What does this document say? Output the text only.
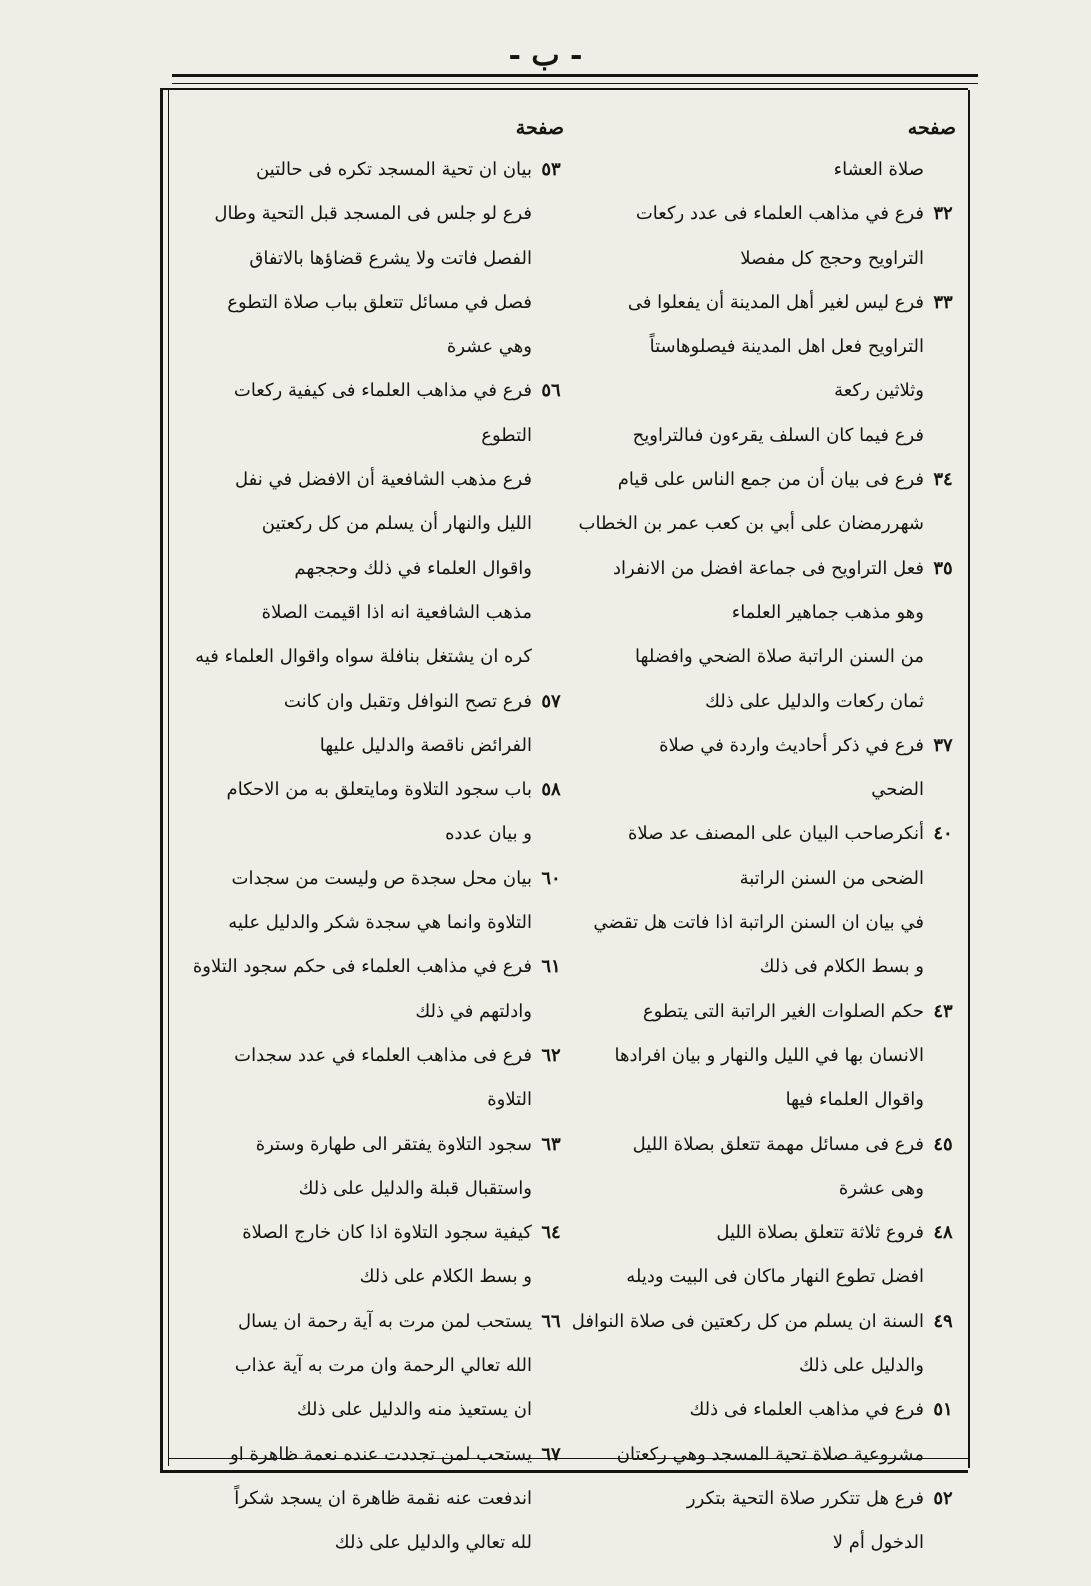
- ب -
صفحه
صلاة العشاء
٣٢
فرع في مذاهب العلماء فى عدد ركعات
التراويح وحجج كل مفصلا
٣٣
فرع ليس لغير أهل المدينة أن يفعلوا فى
التراويح فعل اهل المدينة فيصلوهاستاً
وثلاثين ركعة
فرع فيما كان السلف يقرءون فىالتراويح
٣٤
فرع فى بيان أن من جمع الناس على قيام
شهررمضان على أبي بن كعب عمر بن الخطاب
٣٥
فعل التراويح فى جماعة افضل من الانفراد
وهو مذهب جماهير العلماء
من السنن الراتبة صلاة الضحي وافضلها
ثمان ركعات والدليل على ذلك
٣٧
فرع في ذكر أحاديث واردة في صلاة
الضحي
٤٠
أنكرصاحب البيان على المصنف عد صلاة
الضحى من السنن الراتبة
في بيان ان السنن الراتبة اذا فاتت هل تقضي
و بسط الكلام فى ذلك
٤٣
حكم الصلوات الغير الراتبة التى يتطوع
الانسان بها في الليل والنهار و بيان افرادها
واقوال العلماء فيها
٤٥
فرع فى مسائل مهمة تتعلق بصلاة الليل
وهى عشرة
٤٨
فروع ثلاثة تتعلق بصلاة الليل
افضل تطوع النهار ماكان فى البيت وديله
٤٩
السنة ان يسلم من كل ركعتين فى صلاة النوافل
والدليل على ذلك
٥١
فرع في مذاهب العلماء فى ذلك
مشروعية صلاة تحية المسجد وهي ركعتان
٥٢
فرع هل تتكرر صلاة التحية بتكرر
الدخول أم لا
صفحة
٥٣
بيان ان تحية المسجد تكره فى حالتين
فرع لو جلس فى المسجد قبل التحية وطال
الفصل فاتت ولا يشرع قضاؤها بالاتفاق
فصل في مسائل تتعلق بباب صلاة التطوع
وهي عشرة
٥٦
فرع في مذاهب العلماء فى كيفية ركعات
التطوع
فرع مذهب الشافعية أن الافضل في نفل
الليل والنهار أن يسلم من كل ركعتين
واقوال العلماء في ذلك وحججهم
مذهب الشافعية انه اذا اقيمت الصلاة
كره ان يشتغل بنافلة سواه واقوال العلماء فيه
٥٧
فرع تصح النوافل وتقبل وان كانت
الفرائض ناقصة والدليل عليها
٥٨
باب سجود التلاوة ومايتعلق به من الاحكام
و بيان عدده
٦٠
بيان محل سجدة ص وليست من سجدات
التلاوة وانما هي سجدة شكر والدليل عليه
٦١
فرع في مذاهب العلماء فى حكم سجود التلاوة
وادلتهم في ذلك
٦٢
فرع فى مذاهب العلماء في عدد سجدات
التلاوة
٦٣
سجود التلاوة يفتقر الى طهارة وسترة
واستقبال قبلة والدليل على ذلك
٦٤
كيفية سجود التلاوة اذا كان خارج الصلاة
و بسط الكلام على ذلك
٦٦
يستحب لمن مرت به آية رحمة ان يسال
الله تعالي الرحمة وان مرت به آية عذاب
ان يستعيذ منه والدليل على ذلك
٦٧
يستحب لمن تجددت عنده نعمة ظاهرة او
اندفعت عنه نقمة ظاهرة ان يسجد شكراً
لله تعالي والدليل على ذلك
